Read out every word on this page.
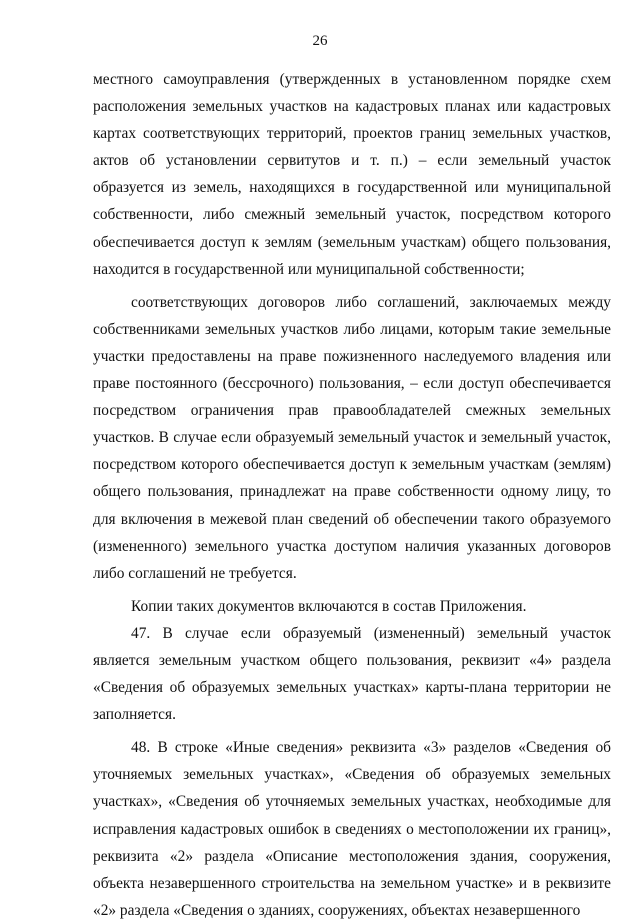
26

местного самоуправления (утвержденных в установленном порядке схем расположения земельных участков на кадастровых планах или кадастровых картах соответствующих территорий, проектов границ земельных участков, актов об установлении сервитутов и т. п.) – если земельный участок образуется из земель, находящихся в государственной или муниципальной собственности, либо смежный земельный участок, посредством которого обеспечивается доступ к землям (земельным участкам) общего пользования, находится в государственной или муниципальной собственности;

соответствующих договоров либо соглашений, заключаемых между собственниками земельных участков либо лицами, которым такие земельные участки предоставлены на праве пожизненного наследуемого владения или праве постоянного (бессрочного) пользования, – если доступ обеспечивается посредством ограничения прав правообладателей смежных земельных участков. В случае если образуемый земельный участок и земельный участок, посредством которого обеспечивается доступ к земельным участкам (землям) общего пользования, принадлежат на праве собственности одному лицу, то для включения в межевой план сведений об обеспечении такого образуемого (измененного) земельного участка доступом наличия указанных договоров либо соглашений не требуется.

Копии таких документов включаются в состав Приложения.

47. В случае если образуемый (измененный) земельный участок является земельным участком общего пользования, реквизит «4» раздела «Сведения об образуемых земельных участках» карты-плана территории не заполняется.

48. В строке «Иные сведения» реквизита «3» разделов «Сведения об уточняемых земельных участках», «Сведения об образуемых земельных участках», «Сведения об уточняемых земельных участках, необходимые для исправления кадастровых ошибок в сведениях о местоположении их границ», реквизита «2» раздела «Описание местоположения здания, сооружения, объекта незавершенного строительства на земельном участке» и в реквизите «2» раздела «Сведения о зданиях, сооружениях, объектах незавершенного
